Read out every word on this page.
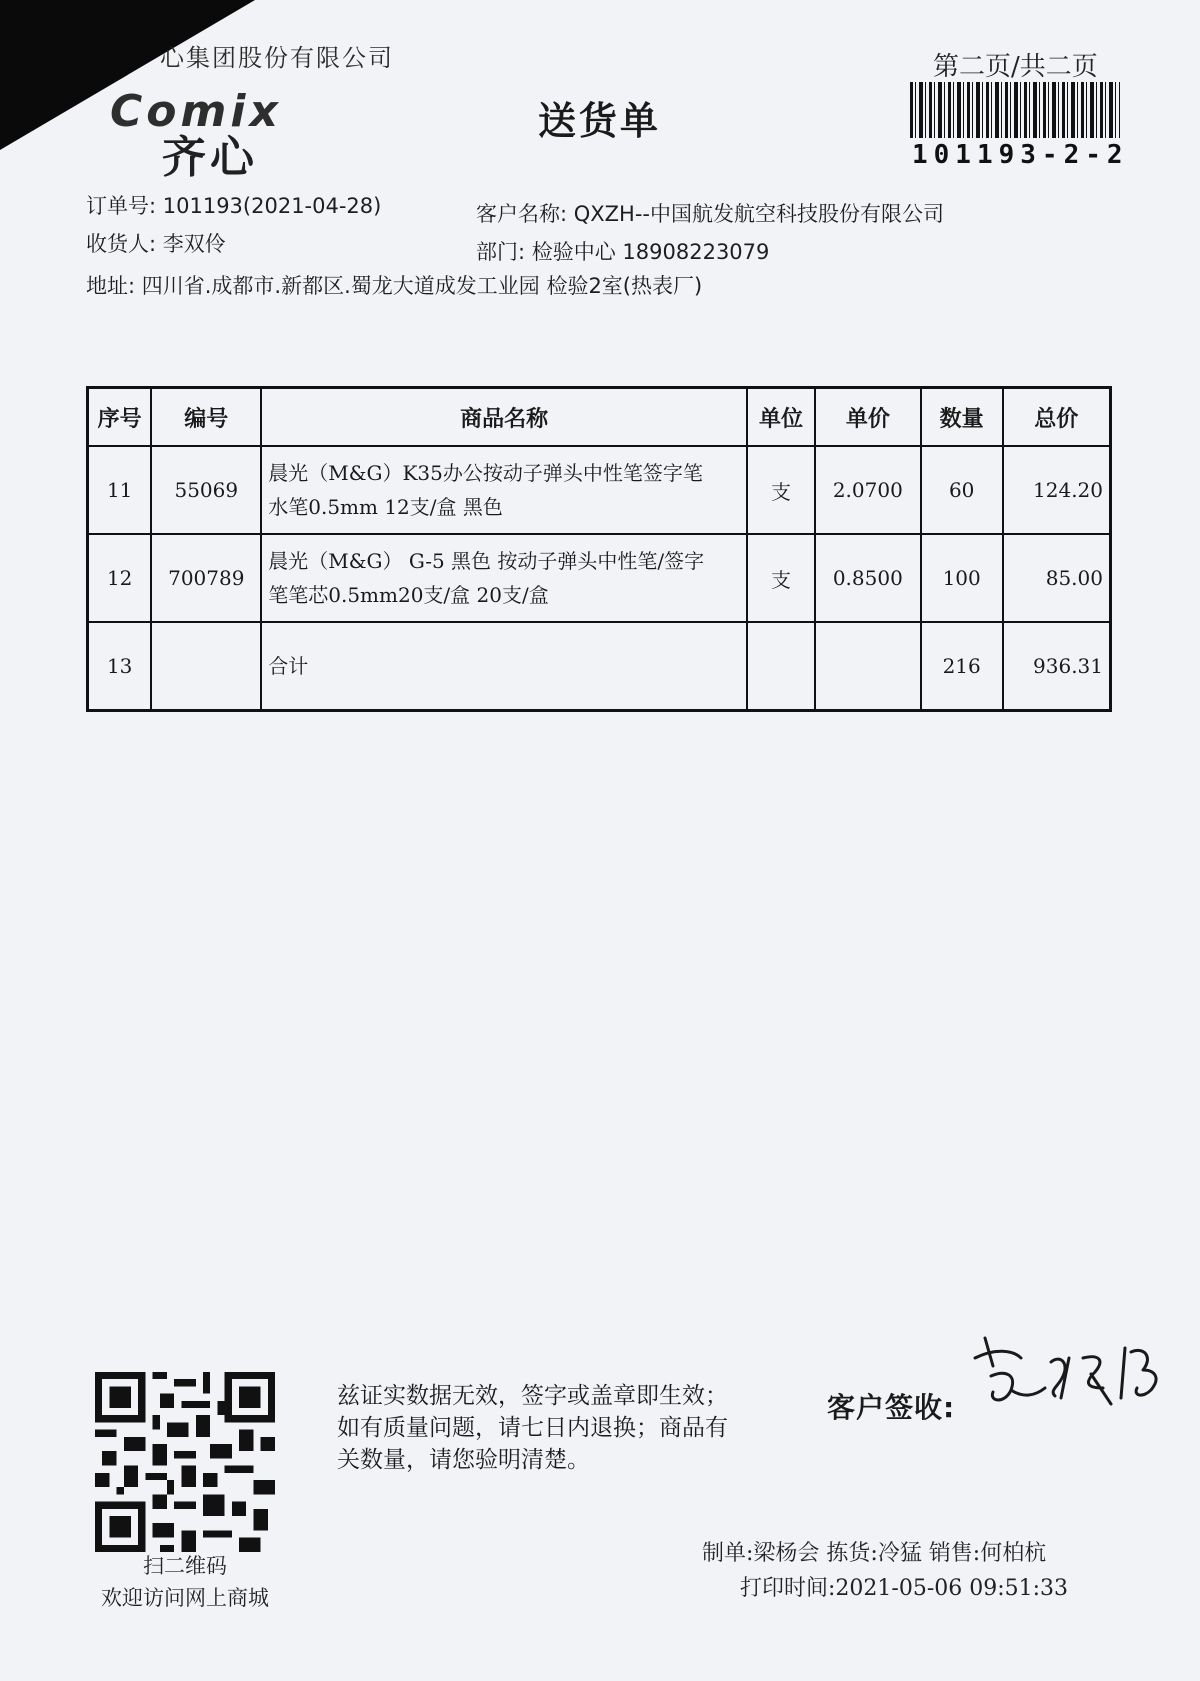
心集团股份有限公司
Comix
齐心
送货单
第二页/共二页
101193-2-2
订单号: 101193(2021-04-28)
收货人: 李双伶
地址: 四川省.成都市.新都区.蜀龙大道成发工业园 检验2室(热表厂)
客户名称: QXZH--中国航发航空科技股份有限公司
部门: 检验中心 18908223079
序号	编号	商品名称	单位	单价	数量	总价
11	55069	晨光（M&G）K35办公按动子弹头中性笔签字笔
水笔0.5mm 12支/盒 黑色	支	2.0700	60	124.20
12	700789	晨光（M&G） G-5 黑色 按动子弹头中性笔/签字
笔笔芯0.5mm20支/盒 20支/盒	支	0.8500	100	85.00
13		合计			216	936.31
扫二维码
欢迎访问网上商城
兹证实数据无效，签字或盖章即生效；如有质量问题，请七日内退换；商品有关数量，请您验明清楚。
客户签收:
制单:梁杨会 拣货:冷猛 销售:何柏杭
打印时间:2021-05-06 09:51:33
